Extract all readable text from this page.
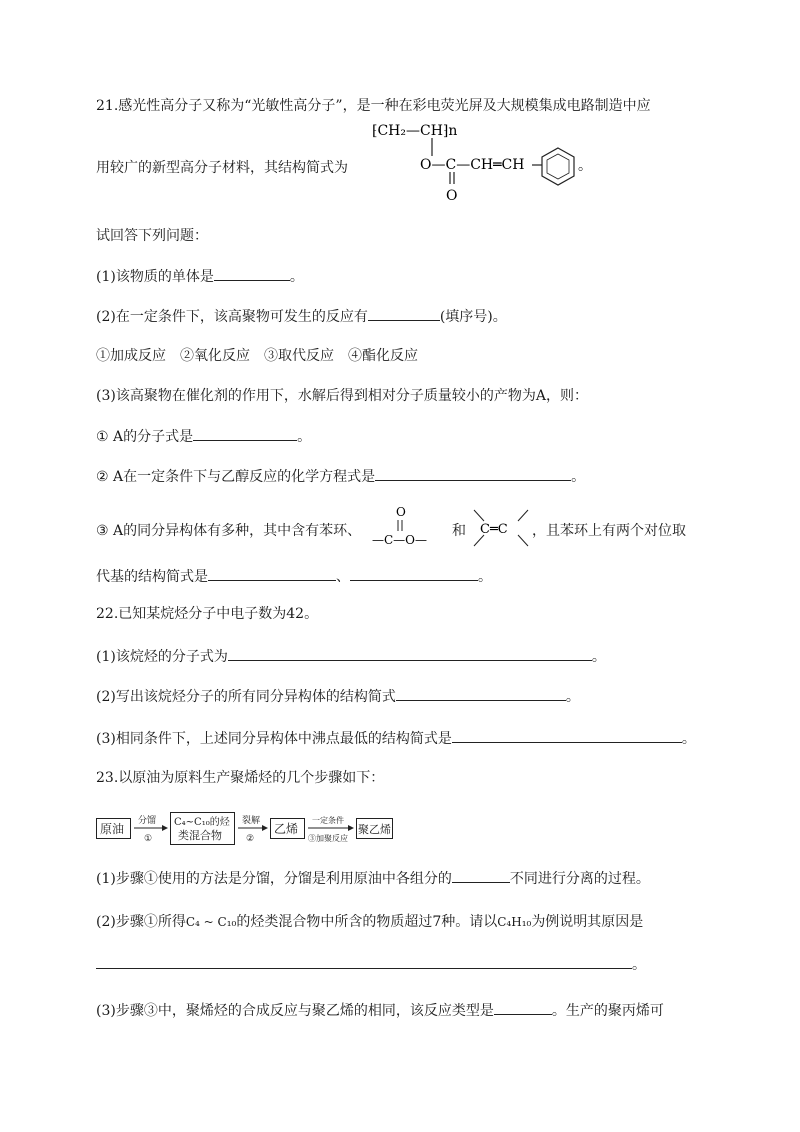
21.感光性高分子又称为“光敏性高分子”，是一种在彩电荧光屏及大规模集成电路制造中应
⁅CH₂—CH⁆n
O—C—CH═CH
O
。
用较广的新型高分子材料，其结构简式为
试回答下列问题：
(1)该物质的单体是	。
(2)在一定条件下，该高聚物可发生的反应有	(填序号)。
①加成反应　②氧化反应　③取代反应　④酯化反应
(3)该高聚物在催化剂的作用下，水解后得到相对分子质量较小的产物为A，则：
① A的分子式是	。
② A在一定条件下与乙醇反应的化学方程式是	。
③ A的同分异构体有多种，其中含有苯环、
O
—C—O—
和 C═C ，且苯环上有两个对位取
代基的结构简式是	、	。
22.已知某烷烃分子中电子数为42。
(1)该烷烃的分子式为	。
(2)写出该烷烃分子的所有同分异构体的结构简式	。
(3)相同条件下，上述同分异构体中沸点最低的结构简式是	。
23.以原油为原料生产聚烯烃的几个步骤如下：
原油
分馏
①
C₄~C₁₀的烃
类混合物
裂解
②
乙烯
一定条件
③加聚反应
聚乙烯
(1)步骤①使用的方法是分馏，分馏是利用原油中各组分的	不同进行分离的过程。
(2)步骤①所得C₄ ~ C₁₀的烃类混合物中所含的物质超过7种。请以C₄H₁₀为例说明其原因是
。
(3)步骤③中，聚烯烃的合成反应与聚乙烯的相同，该反应类型是	。生产的聚丙烯可
